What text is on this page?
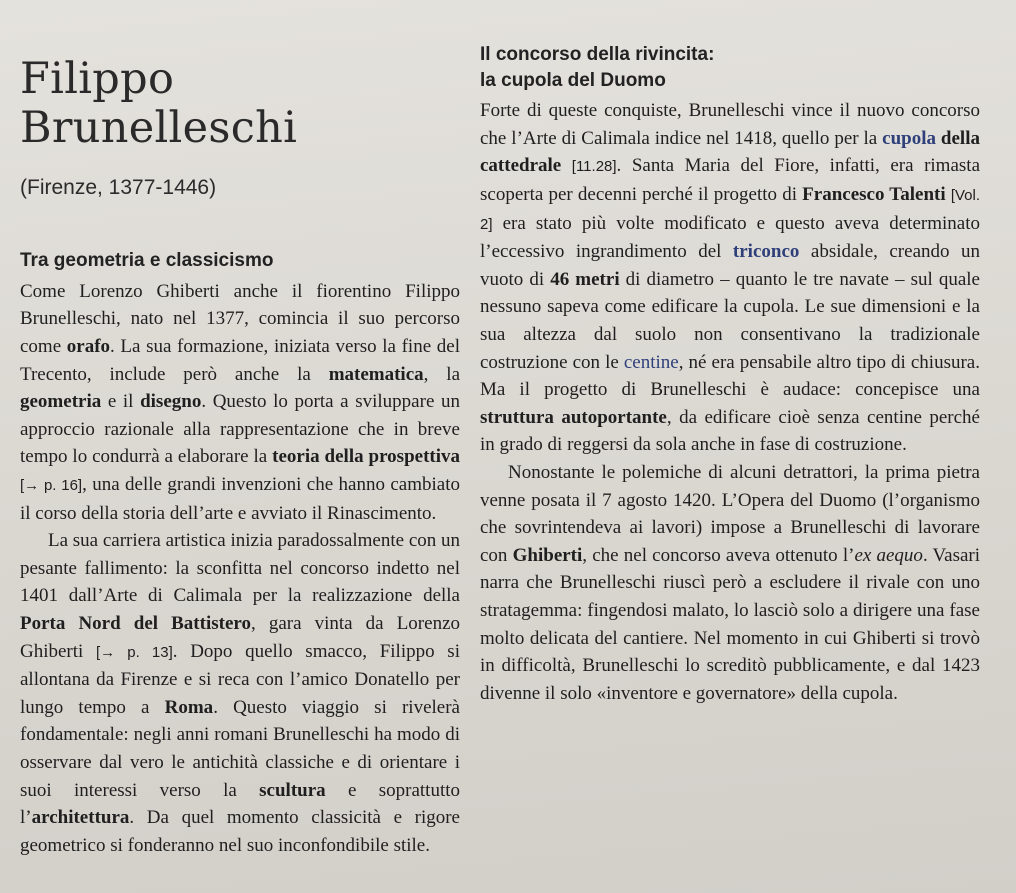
Filippo Brunelleschi
(Firenze, 1377-1446)
Tra geometria e classicismo

Come Lorenzo Ghiberti anche il fiorentino Filippo Brunelleschi, nato nel 1377, comincia il suo percorso come orafo. La sua formazione, iniziata verso la fine del Trecento, include però anche la matematica, la geometria e il disegno. Questo lo porta a sviluppare un approccio razionale alla rappresentazione che in breve tempo lo condurrà a elaborare la teoria della prospettiva [→ p. 16], una delle grandi invenzioni che hanno cambiato il corso della storia dell’arte e avviato il Rinascimento.

La sua carriera artistica inizia paradossalmente con un pesante fallimento: la sconfitta nel concorso indetto nel 1401 dall’Arte di Calimala per la realizzazione della Porta Nord del Battistero, gara vinta da Lorenzo Ghiberti [→ p. 13]. Dopo quello smacco, Filippo si allontana da Firenze e si reca con l’amico Donatello per lungo tempo a Roma. Questo viaggio si rivelerà fondamentale: negli anni romani Brunelleschi ha modo di osservare dal vero le antichità classiche e di orientare i suoi interessi verso la scultura e soprattutto l’architettura. Da quel momento classicità e rigore geometrico si fonderanno nel suo inconfondibile stile.

Il concorso della rivincita:
la cupola del Duomo

Forte di queste conquiste, Brunelleschi vince il nuovo concorso che l’Arte di Calimala indice nel 1418, quello per la cupola della cattedrale [11.28]. Santa Maria del Fiore, infatti, era rimasta scoperta per decenni perché il progetto di Francesco Talenti [Vol. 2] era stato più volte modificato e questo aveva determinato l’eccessivo ingrandimento del triconco absidale, creando un vuoto di 46 metri di diametro – quanto le tre navate – sul quale nessuno sapeva come edificare la cupola. Le sue dimensioni e la sua altezza dal suolo non consentivano la tradizionale costruzione con le centine, né era pensabile altro tipo di chiusura. Ma il progetto di Brunelleschi è audace: concepisce una struttura autoportante, da edificare cioè senza centine perché in grado di reggersi da sola anche in fase di costruzione.

Nonostante le polemiche di alcuni detrattori, la prima pietra venne posata il 7 agosto 1420. L’Opera del Duomo (l’organismo che sovrintendeva ai lavori) impose a Brunelleschi di lavorare con Ghiberti, che nel concorso aveva ottenuto l’ex aequo. Vasari narra che Brunelleschi riuscì però a escludere il rivale con uno stratagemma: fingendosi malato, lo lasciò solo a dirigere una fase molto delicata del cantiere. Nel momento in cui Ghiberti si trovò in difficoltà, Brunelleschi lo screditò pubblicamente, e dal 1423 divenne il solo «inventore e governatore» della cupola.
